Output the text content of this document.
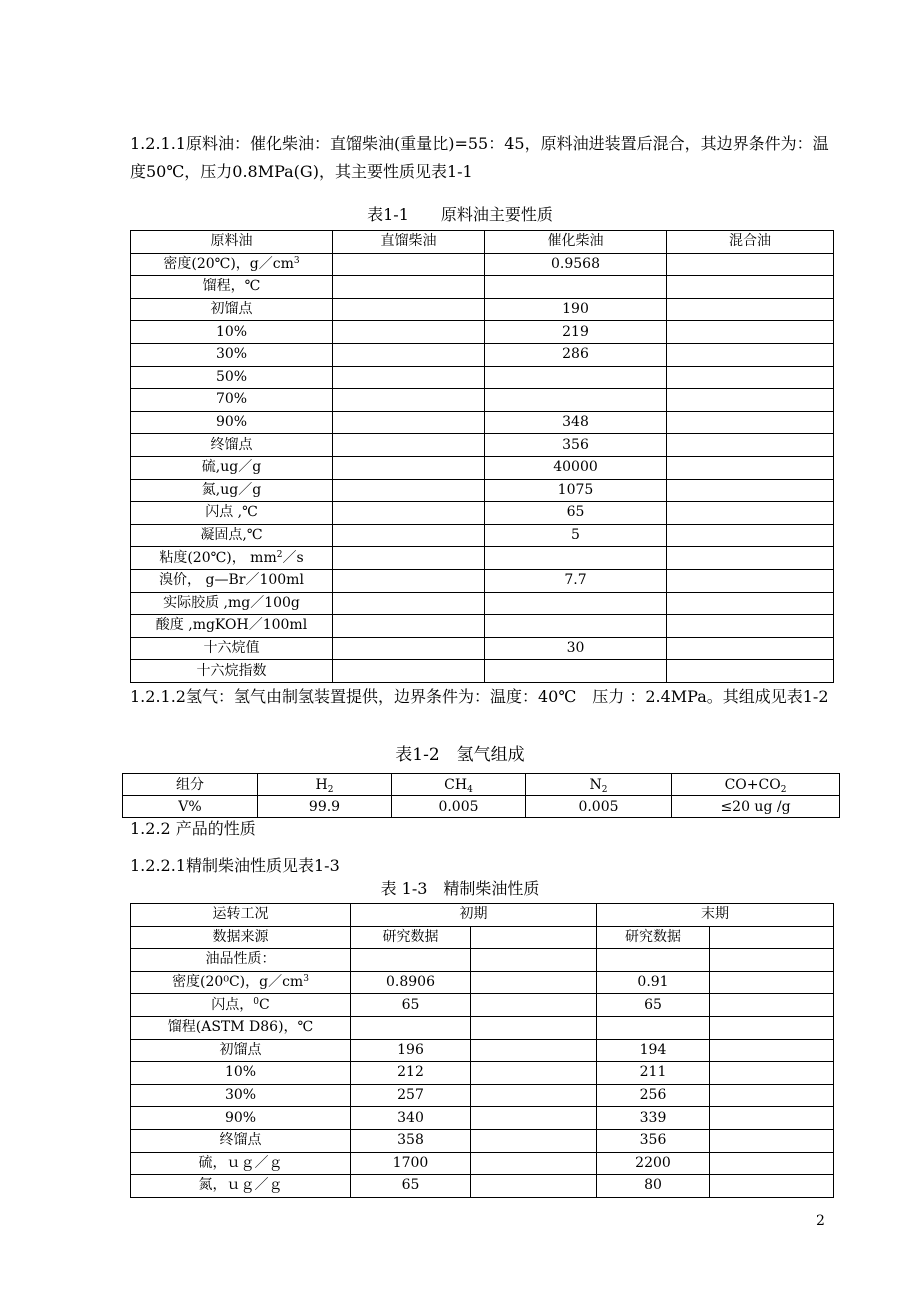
1.2.1.1原料油：催化柴油：直馏柴油(重量比)=55：45，原料油进装置后混合，其边界条件为：温度50℃，压力0.8MPa(G)，其主要性质见表1-1

表1-1　　原料油主要性质
原料油	直馏柴油	催化柴油	混合油
密度(20℃)，$g/cm^3$		0.9568	
馏程，℃			
初馏点		190	
10%		219	
30%		286	
50%			
70%			
90%		348	
终馏点		356	
硫,ug／g		40000	
氮,ug／g		1075	
闪点 ,℃		65	
凝固点,℃		5	
粘度(20℃)， $mm^2/s$			
溴价， g—Br／100ml		7.7	
实际胶质 ,mg／100g			
酸度 ,mgKOH／100ml			
十六烷值		30	
十六烷指数			

1.2.1.2氢气：氢气由制氢装置提供，边界条件为：温度：40℃　压力 ：2.4MPa。其组成见表1-2

表1-2　氢气组成
组分	$H_2$	$CH_4$	$N_2$	$CO+CO_2$
V%	99.9	0.005	0.005	≤20 ug /g

1.2.2 产品的性质

1.2.2.1精制柴油性质见表1-3

表 1-3　精制柴油性质
运转工况	初期		末期	
数据来源	研究数据		研究数据	
油品性质：				
密度(20⁰C)，$g/cm^3$	0.8906		0.91	
闪点，$^0$C	65		65	
馏程(ASTM D86)，℃				
初馏点	196		194	
10%	212		211	
30%	257		256	
90%	340		339	
终馏点	358		356	
硫，ｕｇ／ｇ	1700		2200	
氮，ｕｇ／ｇ	65		80	
2
